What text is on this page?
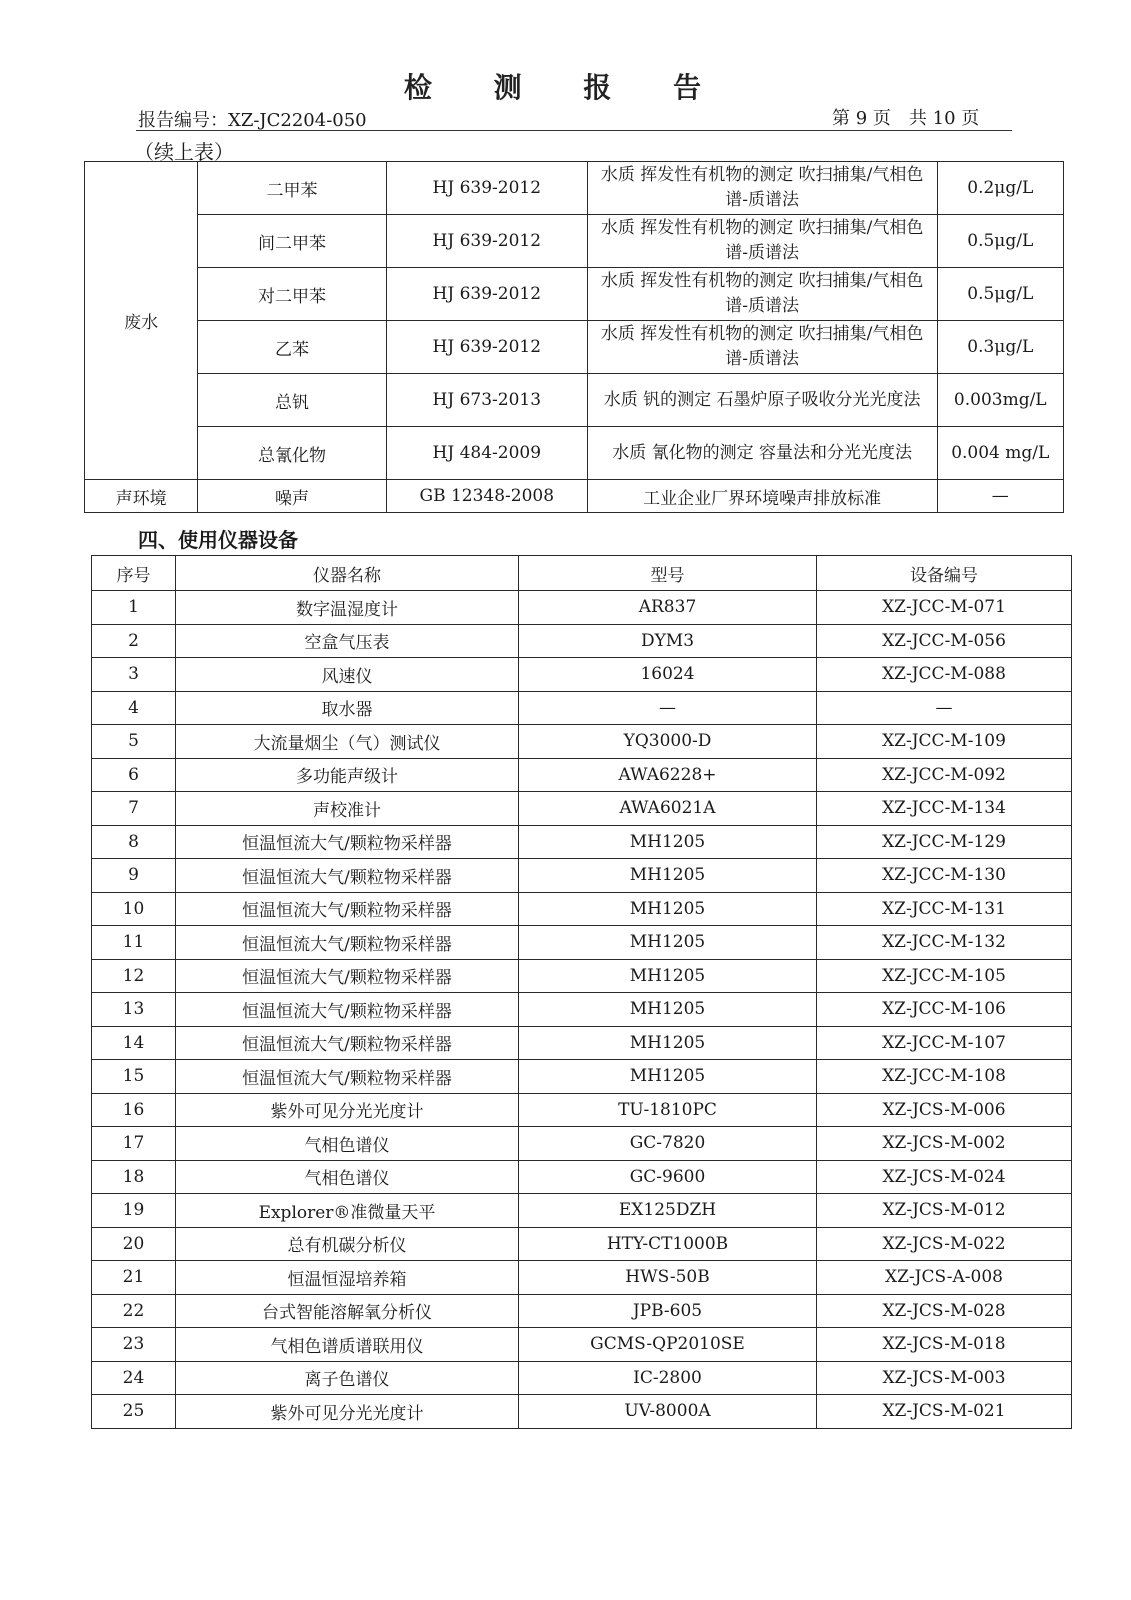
检 测 报 告
报告编号：XZ-JC2204-050	第 9 页　共 10 页
（续上表）
废水	二甲苯	HJ 639-2012	水质 挥发性有机物的测定 吹扫捕集/气相色谱-质谱法	0.2μg/L
	间二甲苯	HJ 639-2012	水质 挥发性有机物的测定 吹扫捕集/气相色谱-质谱法	0.5μg/L
	对二甲苯	HJ 639-2012	水质 挥发性有机物的测定 吹扫捕集/气相色谱-质谱法	0.5μg/L
	乙苯	HJ 639-2012	水质 挥发性有机物的测定 吹扫捕集/气相色谱-质谱法	0.3μg/L
	总钒	HJ 673-2013	水质 钒的测定 石墨炉原子吸收分光光度法	0.003mg/L
	总氰化物	HJ 484-2009	水质 氰化物的测定 容量法和分光光度法	0.004 mg/L
声环境	噪声	GB 12348-2008	工业企业厂界环境噪声排放标准	—
四、使用仪器设备
序号	仪器名称	型号	设备编号
1	数字温湿度计	AR837	XZ-JCC-M-071
2	空盒气压表	DYM3	XZ-JCC-M-056
3	风速仪	16024	XZ-JCC-M-088
4	取水器	—	—
5	大流量烟尘（气）测试仪	YQ3000-D	XZ-JCC-M-109
6	多功能声级计	AWA6228+	XZ-JCC-M-092
7	声校准计	AWA6021A	XZ-JCC-M-134
8	恒温恒流大气/颗粒物采样器	MH1205	XZ-JCC-M-129
9	恒温恒流大气/颗粒物采样器	MH1205	XZ-JCC-M-130
10	恒温恒流大气/颗粒物采样器	MH1205	XZ-JCC-M-131
11	恒温恒流大气/颗粒物采样器	MH1205	XZ-JCC-M-132
12	恒温恒流大气/颗粒物采样器	MH1205	XZ-JCC-M-105
13	恒温恒流大气/颗粒物采样器	MH1205	XZ-JCC-M-106
14	恒温恒流大气/颗粒物采样器	MH1205	XZ-JCC-M-107
15	恒温恒流大气/颗粒物采样器	MH1205	XZ-JCC-M-108
16	紫外可见分光光度计	TU-1810PC	XZ-JCS-M-006
17	气相色谱仪	GC-7820	XZ-JCS-M-002
18	气相色谱仪	GC-9600	XZ-JCS-M-024
19	Explorer®准微量天平	EX125DZH	XZ-JCS-M-012
20	总有机碳分析仪	HTY-CT1000B	XZ-JCS-M-022
21	恒温恒湿培养箱	HWS-50B	XZ-JCS-A-008
22	台式智能溶解氧分析仪	JPB-605	XZ-JCS-M-028
23	气相色谱质谱联用仪	GCMS-QP2010SE	XZ-JCS-M-018
24	离子色谱仪	IC-2800	XZ-JCS-M-003
25	紫外可见分光光度计	UV-8000A	XZ-JCS-M-021
